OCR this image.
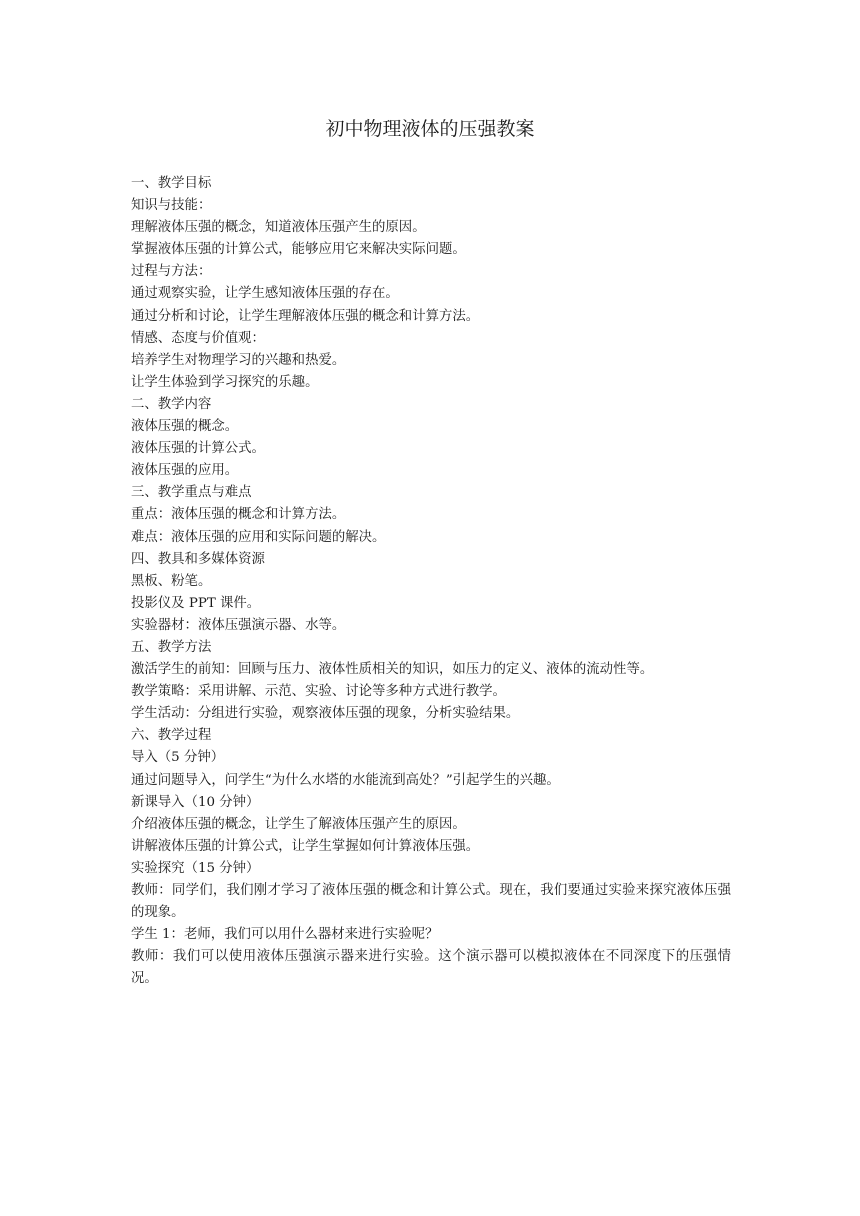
初中物理液体的压强教案

一、教学目标

知识与技能：

理解液体压强的概念，知道液体压强产生的原因。

掌握液体压强的计算公式，能够应用它来解决实际问题。

过程与方法：

通过观察实验，让学生感知液体压强的存在。

通过分析和讨论，让学生理解液体压强的概念和计算方法。

情感、态度与价值观：

培养学生对物理学习的兴趣和热爱。

让学生体验到学习探究的乐趣。

二、教学内容

液体压强的概念。

液体压强的计算公式。

液体压强的应用。

三、教学重点与难点

重点：液体压强的概念和计算方法。

难点：液体压强的应用和实际问题的解决。

四、教具和多媒体资源

黑板、粉笔。

投影仪及 PPT 课件。

实验器材：液体压强演示器、水等。

五、教学方法

激活学生的前知：回顾与压力、液体性质相关的知识，如压力的定义、液体的流动性等。

教学策略：采用讲解、示范、实验、讨论等多种方式进行教学。

学生活动：分组进行实验，观察液体压强的现象，分析实验结果。

六、教学过程

导入（5 分钟）

通过问题导入，问学生“为什么水塔的水能流到高处？”引起学生的兴趣。

新课导入（10 分钟）

介绍液体压强的概念，让学生了解液体压强产生的原因。

讲解液体压强的计算公式，让学生掌握如何计算液体压强。

实验探究（15 分钟）

教师：同学们，我们刚才学习了液体压强的概念和计算公式。现在，我们要通过实验来探究液体压强的现象。

学生 1：老师，我们可以用什么器材来进行实验呢？

教师：我们可以使用液体压强演示器来进行实验。这个演示器可以模拟液体在不同深度下的压强情况。
